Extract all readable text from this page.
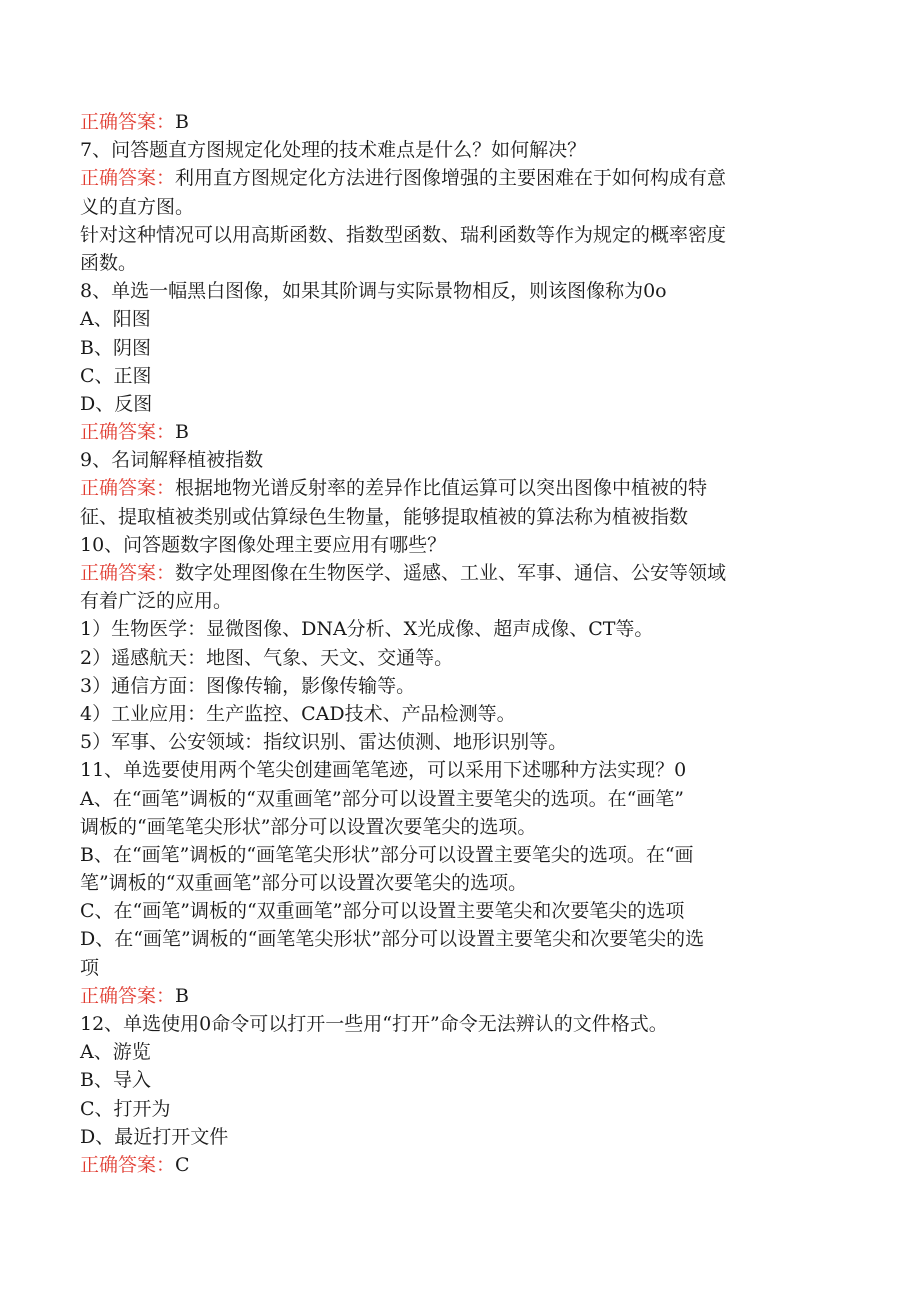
正确答案：B
7、问答题直方图规定化处理的技术难点是什么？如何解决？
正确答案：利用直方图规定化方法进行图像增强的主要困难在于如何构成有意
义的直方图。
针对这种情况可以用高斯函数、指数型函数、瑞利函数等作为规定的概率密度
函数。
8、单选一幅黑白图像，如果其阶调与实际景物相反，则该图像称为0o
A、阳图
B、阴图
C、正图
D、反图
正确答案：B
9、名词解释植被指数
正确答案：根据地物光谱反射率的差异作比值运算可以突出图像中植被的特
征、提取植被类别或估算绿色生物量，能够提取植被的算法称为植被指数
10、问答题数字图像处理主要应用有哪些？
正确答案：数字处理图像在生物医学、遥感、工业、军事、通信、公安等领域
有着广泛的应用。
1）生物医学：显微图像、DNA分析、X光成像、超声成像、CT等。
2）遥感航天：地图、气象、天文、交通等。
3）通信方面：图像传输，影像传输等。
4）工业应用：生产监控、CAD技术、产品检测等。
5）军事、公安领域：指纹识别、雷达侦测、地形识别等。
11、单选要使用两个笔尖创建画笔笔迹，可以采用下述哪种方法实现？0
A、在“画笔”调板的“双重画笔”部分可以设置主要笔尖的选项。在“画笔”
调板的“画笔笔尖形状”部分可以设置次要笔尖的选项。
B、在“画笔”调板的“画笔笔尖形状”部分可以设置主要笔尖的选项。在“画
笔”调板的“双重画笔”部分可以设置次要笔尖的选项。
C、在“画笔”调板的“双重画笔”部分可以设置主要笔尖和次要笔尖的选项
D、在“画笔”调板的“画笔笔尖形状”部分可以设置主要笔尖和次要笔尖的选
项
正确答案：B
12、单选使用0命令可以打开一些用“打开”命令无法辨认的文件格式。
A、游览
B、导入
C、打开为
D、最近打开文件
正确答案：C
